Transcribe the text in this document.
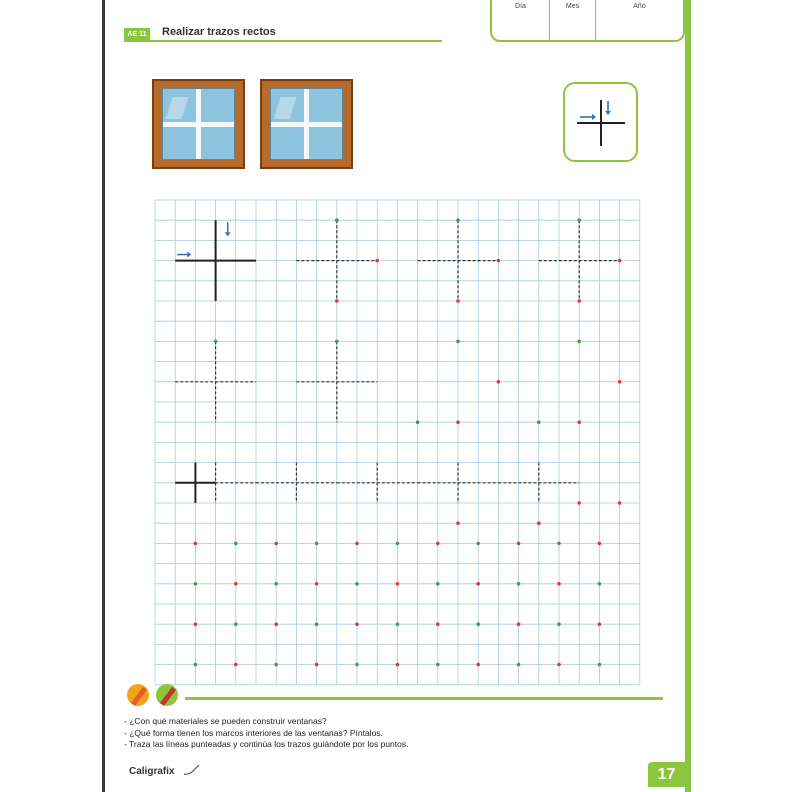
AE 11	Realizar trazos rectos
Día	Mes	Año
- ¿Con qué materiales se pueden construir ventanas?
- ¿Qué forma tienen los marcos interiores de las ventanas? Píntalos.
- Traza las líneas punteadas y continúa los trazos guiándote por los puntos.
Caligrafix	17
